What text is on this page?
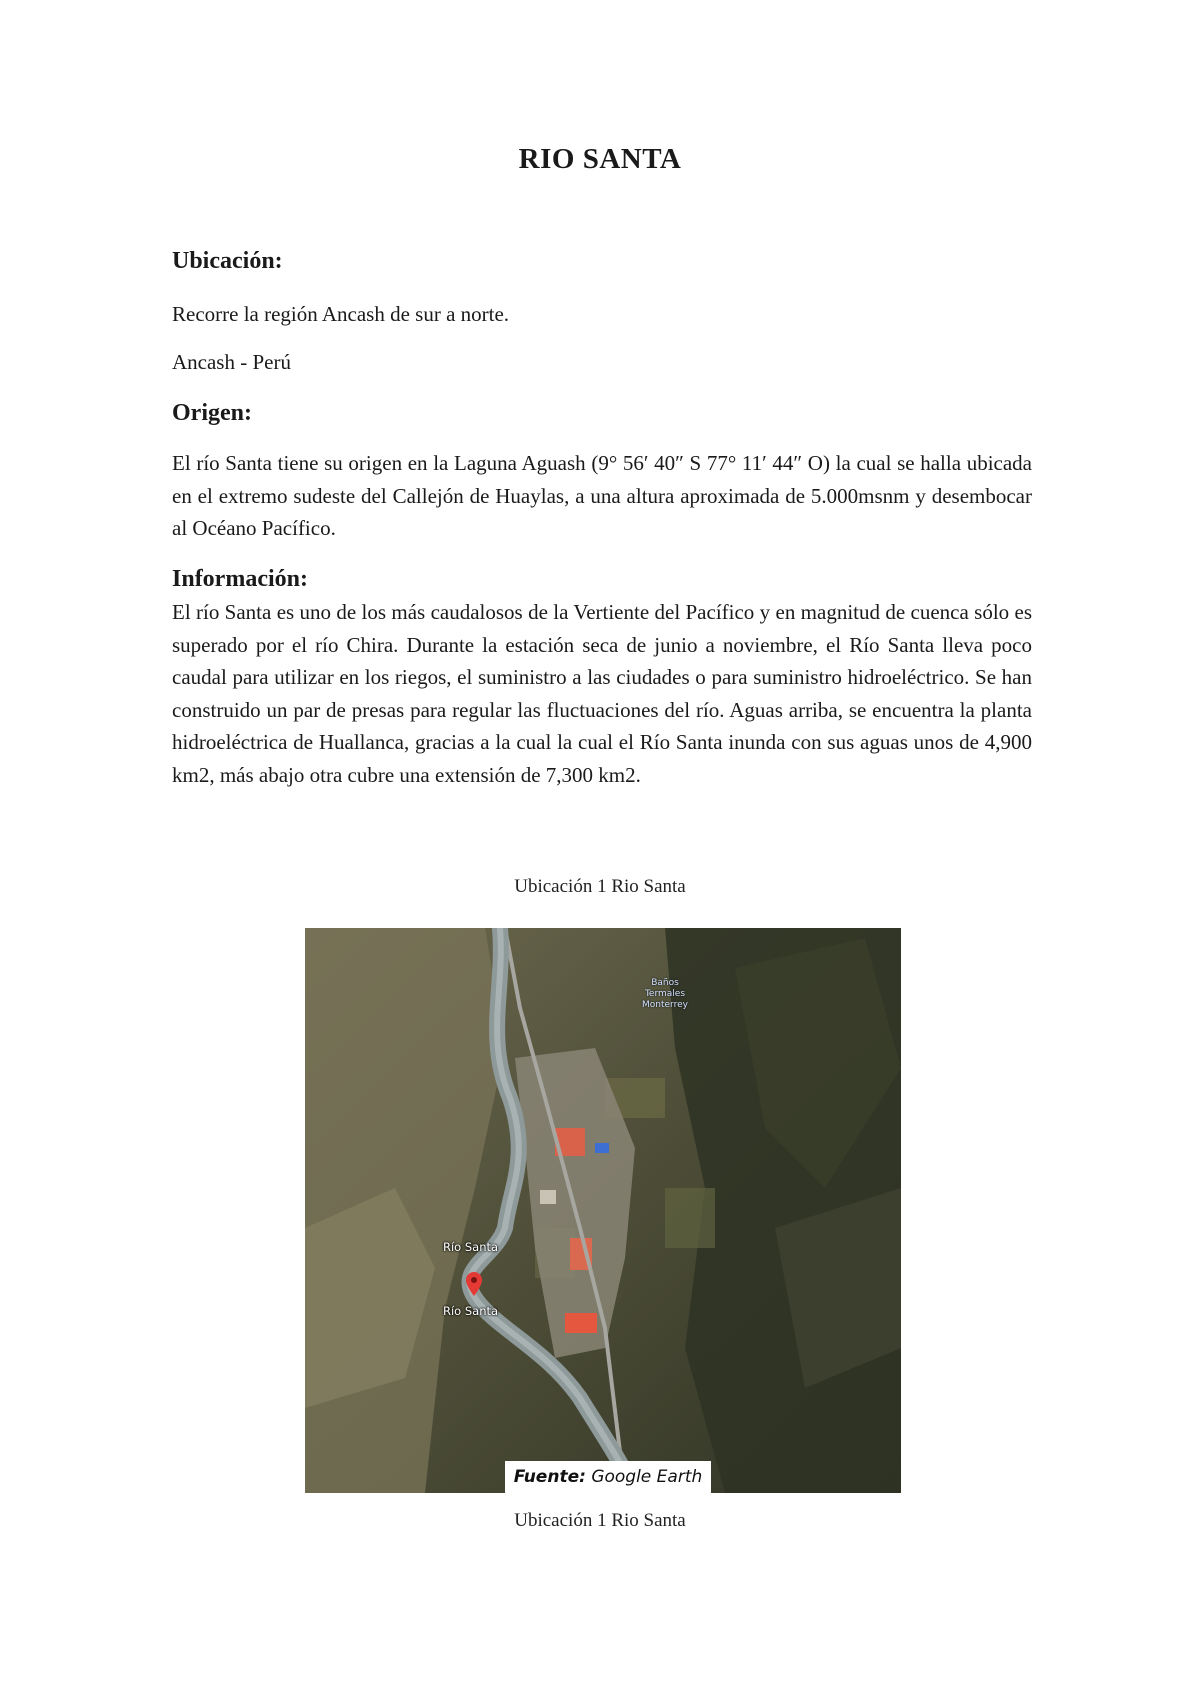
RIO SANTA
Ubicación:

Recorre la región Ancash de sur a norte.

Ancash - Perú

Origen:

El río Santa tiene su origen en la Laguna Aguash (9° 56′ 40″ S 77° 11′ 44″ O) la cual se halla ubicada en el extremo sudeste del Callejón de Huaylas, a una altura aproximada de 5.000msnm y desembocar al Océano Pacífico.

Información:

El río Santa es uno de los más caudalosos de la Vertiente del Pacífico y en magnitud de cuenca sólo es superado por el río Chira. Durante la estación seca de junio a noviembre, el Río Santa lleva poco caudal para utilizar en los riegos, el suministro a las ciudades o para suministro hidroeléctrico. Se han construido un par de presas para regular las fluctuaciones del río. Aguas arriba, se encuentra la planta hidroeléctrica de Huallanca, gracias a la cual la cual el Río Santa inunda con sus aguas unos de 4,900 km2, más abajo otra cubre una extensión de 7,300 km2.

Ubicación 1 Rio Santa

Río Santa
Río Santa
Baños
Termales
Monterrey
Fuente: Google Earth

Ubicación 1 Rio Santa
